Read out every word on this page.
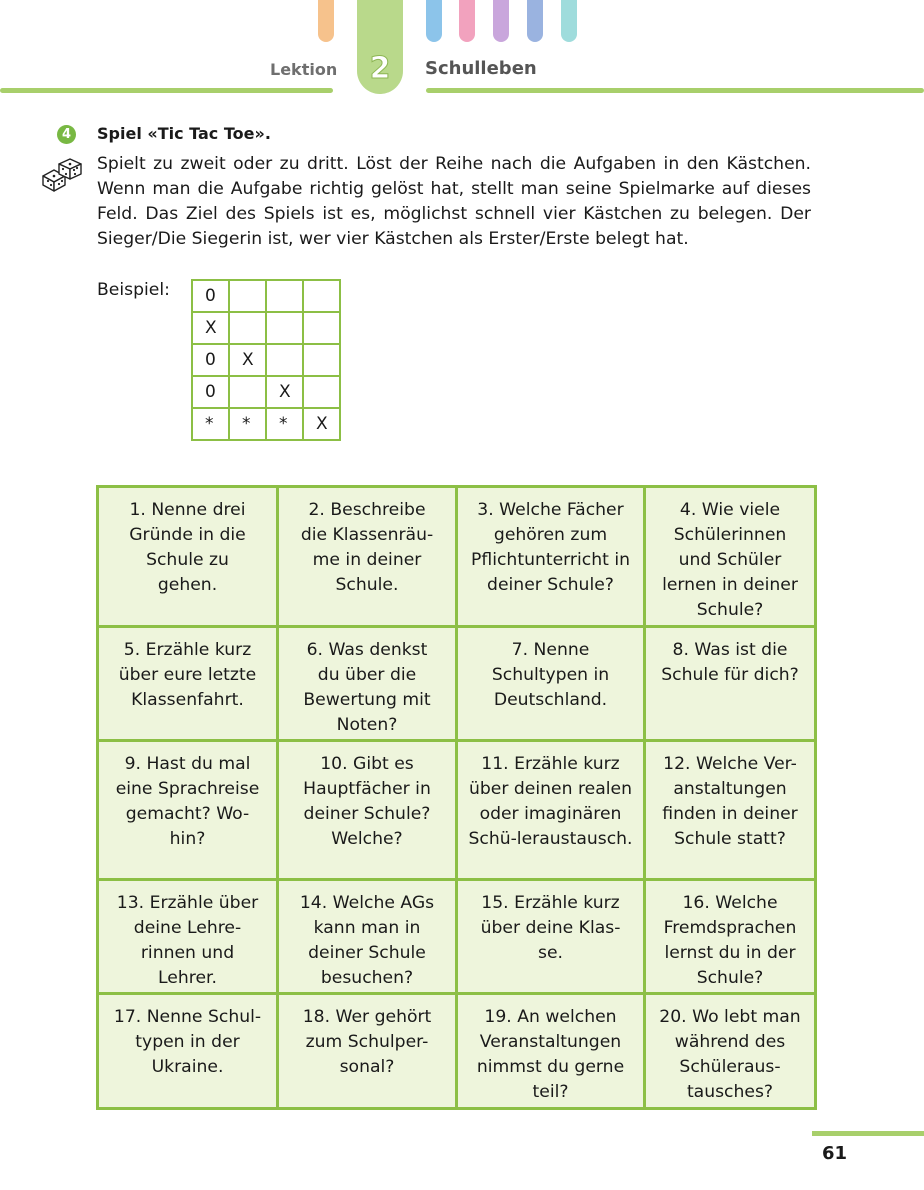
Lektion 2 Schulleben
4	Spiel «Tic Tac Toe».
Spielt zu zweit oder zu dritt. Löst der Reihe nach die Aufgaben in den Kästchen. Wenn man die Aufgabe richtig gelöst hat, stellt man seine Spielmarke auf dieses Feld. Das Ziel des Spiels ist es, möglichst schnell vier Kästchen zu belegen. Der Sieger/Die Siegerin ist, wer vier Kästchen als Erster/Erste belegt hat.
Beispiel: 0			
X			
0	X		
0		X	
*	*	*	X
1. Nenne drei Gründe in die Schule zu gehen.	2. Beschreibe die Klassenräu-me in deiner Schule.	3. Welche Fächer gehören zum Pflichtunterricht in deiner Schule?	4. Wie viele Schülerinnen und Schüler lernen in deiner Schule?
5. Erzähle kurz über eure letzte Klassenfahrt.	6. Was denkst du über die Bewertung mit Noten?	7. Nenne Schultypen in Deutschland.	8. Was ist die Schule für dich?
9. Hast du mal eine Sprachreise gemacht? Wo-hin?	10. Gibt es Hauptfächer in deiner Schule? Welche?	11. Erzähle kurz über deinen realen oder imaginären Schü-leraustausch.	12. Welche Ver-anstaltungen finden in deiner Schule statt?
13. Erzähle über deine Lehre-rinnen und Lehrer.	14. Welche AGs kann man in deiner Schule besuchen?	15. Erzähle kurz über deine Klas-se.	16. Welche Fremdsprachen lernst du in der Schule?
17. Nenne Schul-typen in der Ukraine.	18. Wer gehört zum Schulper-sonal?	19. An welchen Veranstaltungen nimmst du gerne teil?	20. Wo lebt man während des Schüleraus-tausches?
61
